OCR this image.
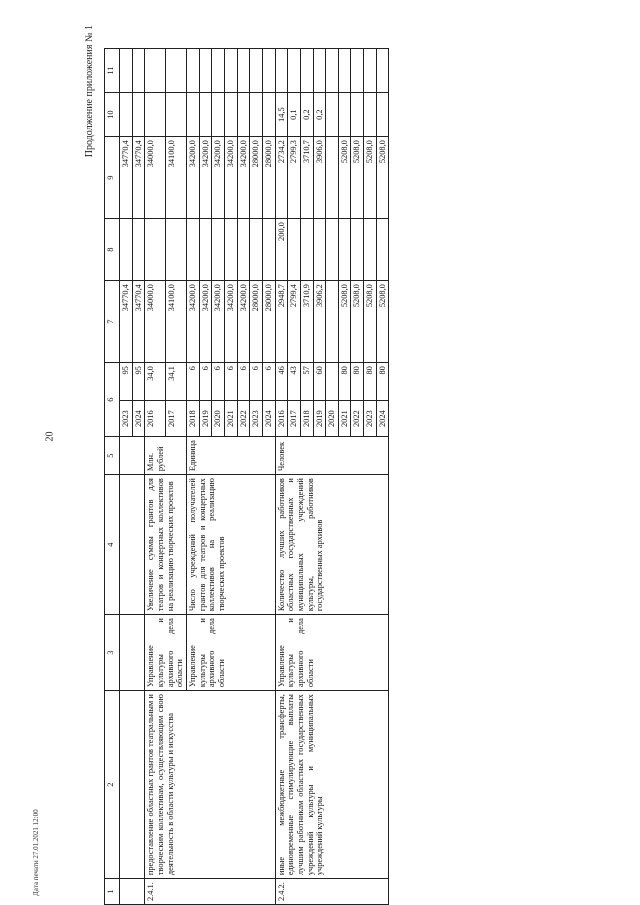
20
Дата печати 27.01.2021 12:00
Продолжение приложения № 1
1	2	3	4	5	6		7	8	9	10	11
					2023	95	34770,4		34770,4		
					2024	95	34770,4		34770,4		
2.4.1.	предоставление областных грантов театральным и творческим коллективам, осуществляющим свою деятельность в области культуры и искусства	Управление культуры и архивного дела области	Увеличение суммы грантов для театров и концертных коллективов на реализацию творческих проектов	Млн. рублей	2016	34,0	34000,0		34000,0		
					2017	34,1	34100,0		34100,0		
		Управление культуры и архивного дела области	Число учреждений получателей грантов для театров и концертных коллективов на реализацию творческих проектов	Единица	2018	6	34200,0		34200,0		
					2019	6	34200,0		34200,0		
					2020	6	34200,0		34200,0		
					2021	6	34200,0		34200,0		
					2022	6	34200,0		34200,0		
					2023	6	28000,0		28000,0		
					2024	6	28000,0		28000,0		
2.4.2.	иные межбюджетные трансферты, единовременные стимулирующие выплаты лучшим работникам областных государственных учреждений культуры и муниципальных учреждений культуры	Управление культуры и архивного дела области	Количество лучших работников областных государственных и муниципальных учреждений культуры, работников государственных архивов	Человек	2016	46	2948,7	200,0	2734,2	14,5	
					2017	43	2799,4		2799,3	0,1	
					2018	57	3710,9		3710,7	0,2	
					2019	60	3906,2		3906,0	0,2	
					2020						
					2021	80	5208,0		5208,0		
					2022	80	5208,0		5208,0		
					2023	80	5208,0		5208,0		
					2024	80	5208,0		5208,0		
